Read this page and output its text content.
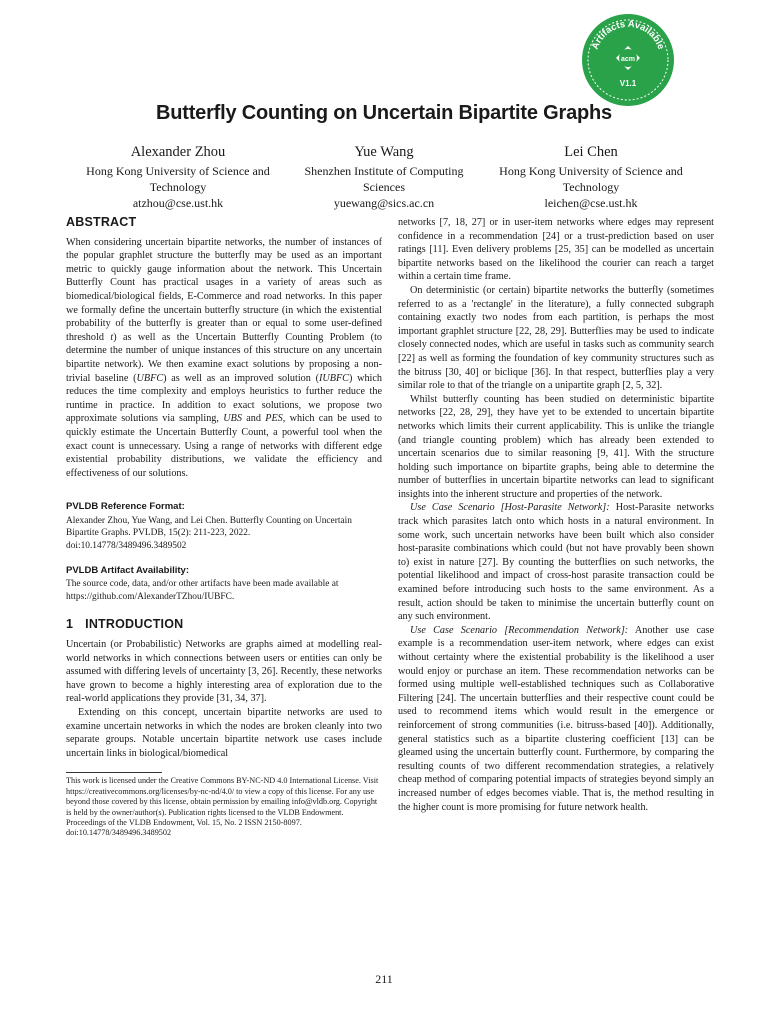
Artifacts Available
acm
V1.1
Butterfly Counting on Uncertain Bipartite Graphs
Alexander Zhou
Hong Kong University of Science and
Technology
atzhou@cse.ust.hk
Yue Wang
Shenzhen Institute of Computing
Sciences
yuewang@sics.ac.cn
Lei Chen
Hong Kong University of Science and
Technology
leichen@cse.ust.hk
ABSTRACT

When considering uncertain bipartite networks, the number of instances of the popular graphlet structure the butterfly may be used as an important metric to quickly gauge information about the network. This Uncertain Butterfly Count has practical usages in a variety of areas such as biomedical/biological fields, E-Commerce and road networks. In this paper we formally define the uncertain butterfly structure (in which the existential probability of the butterfly is greater than or equal to some user-defined threshold t) as well as the Uncertain Butterfly Counting Problem (to determine the number of unique instances of this structure on any uncertain bipartite network). We then examine exact solutions by proposing a non-trivial baseline (UBFC) as well as an improved solution (IUBFC) which reduces the time complexity and employs heuristics to further reduce the runtime in practice. In addition to exact solutions, we propose two approximate solutions via sampling, UBS and PES, which can be used to quickly estimate the Uncertain Butterfly Count, a powerful tool when the exact count is unnecessary. Using a range of networks with different edge existential probability distributions, we validate the efficiency and effectiveness of our solutions.

PVLDB Reference Format:
Alexander Zhou, Yue Wang, and Lei Chen. Butterfly Counting on Uncertain Bipartite Graphs. PVLDB, 15(2): 211-223, 2022.
doi:10.14778/3489496.3489502
PVLDB Artifact Availability:
The source code, data, and/or other artifacts have been made available at https://github.com/AlexanderTZhou/IUBFC.
1 INTRODUCTION

Uncertain (or Probabilistic) Networks are graphs aimed at modelling real-world networks in which connections between users or entities can only be assumed with differing levels of uncertainty [3, 26]. Recently, these networks have grown to become a highly interesting area of exploration due to the real-world applications they provide [31, 34, 37].

Extending on this concept, uncertain bipartite networks are used to examine uncertain networks in which the nodes are broken cleanly into two separate groups. Notable uncertain bipartite network use cases include uncertain links in biological/biomedical

This work is licensed under the Creative Commons BY-NC-ND 4.0 International License. Visit https://creativecommons.org/licenses/by-nc-nd/4.0/ to view a copy of this license. For any use beyond those covered by this license, obtain permission by emailing info@vldb.org. Copyright is held by the owner/author(s). Publication rights licensed to the VLDB Endowment.
Proceedings of the VLDB Endowment, Vol. 15, No. 2 ISSN 2150-8097.
doi:10.14778/3489496.3489502

networks [7, 18, 27] or in user-item networks where edges may represent confidence in a recommendation [24] or a trust-prediction based on user ratings [11]. Even delivery problems [25, 35] can be modelled as uncertain bipartite networks based on the likelihood the courier can reach a target within a certain time frame.

On deterministic (or certain) bipartite networks the butterfly (sometimes referred to as a 'rectangle' in the literature), a fully connected subgraph containing exactly two nodes from each partition, is perhaps the most important graphlet structure [22, 28, 29]. Butterflies may be used to indicate closely connected nodes, which are useful in tasks such as community search [22] as well as forming the foundation of key community structures such as the bitruss [30, 40] or biclique [36]. In that respect, butterflies play a very similar role to that of the triangle on a unipartite graph [2, 5, 32].

Whilst butterfly counting has been studied on deterministic bipartite networks [22, 28, 29], they have yet to be extended to uncertain bipartite networks which limits their current applicability. This is unlike the triangle (and triangle counting problem) which has already been extended to uncertain scenarios due to similar reasoning [9, 41]. With the structure holding such importance on bipartite graphs, being able to determine the number of butterflies in uncertain bipartite networks can lead to significant insights into the inherent structure and properties of the network.

Use Case Scenario [Host-Parasite Network]: Host-Parasite networks track which parasites latch onto which hosts in a natural environment. In some work, such uncertain networks have been built which also consider host-parasite combinations which could (but not have provably been shown to) exist in nature [27]. By counting the butterflies on such networks, the potential likelihood and impact of cross-host parasite transaction could be examined before introducing such hosts to the same environment. As a result, action should be taken to minimise the uncertain butterfly count on any such environment.

Use Case Scenario [Recommendation Network]: Another use case example is a recommendation user-item network, where edges can exist without certainty where the existential probability is the likelihood a user would enjoy or purchase an item. These recommendation networks can be formed using multiple well-established techniques such as Collaborative Filtering [24]. The uncertain butterflies and their respective count could be used to recommend items which would result in the emergence or reinforcement of strong communities (i.e. bitruss-based [40]). Additionally, general statistics such as a bipartite clustering coefficient [13] can be gleamed using the uncertain butterfly count. Furthermore, by comparing the resulting counts of two different recommendation strategies, a relatively cheap method of comparing potential impacts of strategies beyond simply an increased number of edges becomes viable. That is, the method resulting in the higher count is more promising for future network health.

211
